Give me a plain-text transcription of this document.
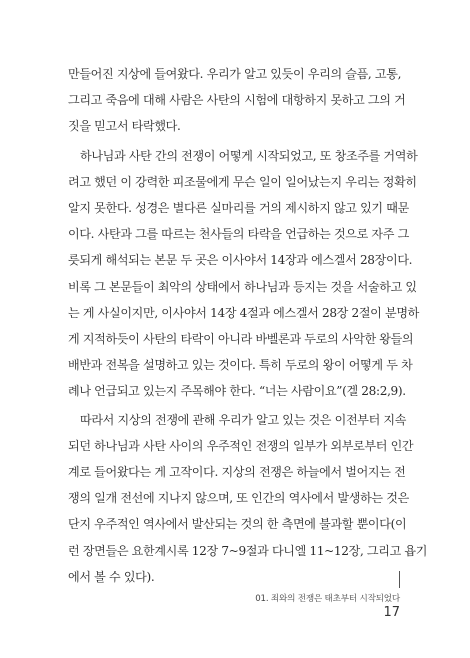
만들어진 지상에 들여왔다. 우리가 알고 있듯이 우리의 슬픔, 고통,
그리고 죽음에 대해 사람은 사탄의 시험에 대항하지 못하고 그의 거
짓을 믿고서 타락했다.

하나님과 사탄 간의 전쟁이 어떻게 시작되었고, 또 창조주를 거역하
려고 했던 이 강력한 피조물에게 무슨 일이 일어났는지 우리는 정확히
알지 못한다. 성경은 별다른 실마리를 거의 제시하지 않고 있기 때문
이다. 사탄과 그를 따르는 천사들의 타락을 언급하는 것으로 자주 그
릇되게 해석되는 본문 두 곳은 이사야서 14장과 에스겔서 28장이다.
비록 그 본문들이 최악의 상태에서 하나님과 등지는 것을 서술하고 있
는 게 사실이지만, 이사야서 14장 4절과 에스겔서 28장 2절이 분명하
게 지적하듯이 사탄의 타락이 아니라 바벨론과 두로의 사악한 왕들의
배반과 전복을 설명하고 있는 것이다. 특히 두로의 왕이 어떻게 두 차
례나 언급되고 있는지 주목해야 한다. “너는 사람이요”(겔 28:2,9).

따라서 지상의 전쟁에 관해 우리가 알고 있는 것은 이전부터 지속
되던 하나님과 사탄 사이의 우주적인 전쟁의 일부가 외부로부터 인간
계로 들어왔다는 게 고작이다. 지상의 전쟁은 하늘에서 벌어지는 전
쟁의 일개 전선에 지나지 않으며, 또 인간의 역사에서 발생하는 것은
단지 우주적인 역사에서 발산되는 것의 한 측면에 불과할 뿐이다(이
런 장면들은 요한계시록 12장 7~9절과 다니엘 11~12장, 그리고 욥기
에서 볼 수 있다).

01. 죄와의 전쟁은 태초부터 시작되었다
17
